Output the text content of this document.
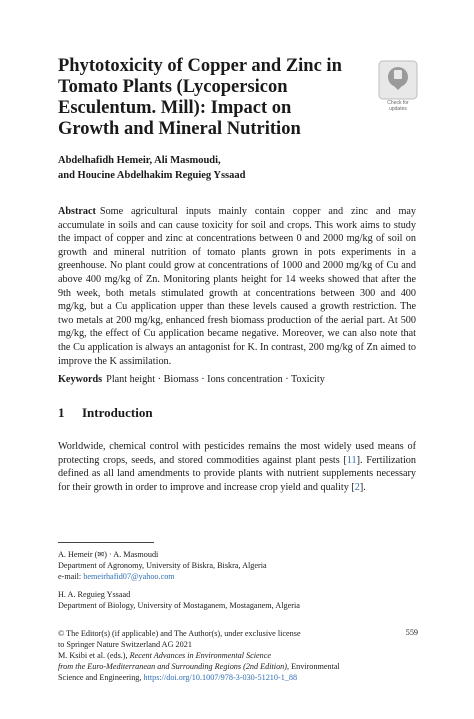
Phytotoxicity of Copper and Zinc in Tomato Plants (Lycopersicon Esculentum. Mill): Impact on Growth and Mineral Nutrition
Check for
updates
Abdelhafidh Hemeir, Ali Masmoudi,
and Houcine Abdelhakim Reguieg Yssaad

Abstract Some agricultural inputs mainly contain copper and zinc and may accumulate in soils and can cause toxicity for soil and crops. This work aims to study the impact of copper and zinc at concentrations between 0 and 2000 mg/kg of soil on growth and mineral nutrition of tomato plants grown in pots experiments in a greenhouse. No plant could grow at concentrations of 1000 and 2000 mg/kg of Cu and above 400 mg/kg of Zn. Monitoring plants height for 14 weeks showed that after the 9th week, both metals stimulated growth at concentrations between 300 and 400 mg/kg, but a Cu application upper than these levels caused a growth restriction. The two metals at 200 mg/kg, enhanced fresh biomass production of the aerial part. At 500 mg/kg, the effect of Cu application became negative. Moreover, we can also note that the Cu application is always an antagonist for K. In contrast, 200 mg/kg of Zn aimed to improve the K assimilation.

Keywords Plant height · Biomass · Ions concentration · Toxicity
1 Introduction

Worldwide, chemical control with pesticides remains the most widely used means of protecting crops, seeds, and stored commodities against plant pests [11]. Fertilization defined as all land amendments to provide plants with nutrient supplements necessary for their growth in order to improve and increase crop yield and quality [2].

A. Hemeir (✉) · A. Masmoudi
Department of Agronomy, University of Biskra, Biskra, Algeria
e-mail: hemeirhafid07@yahoo.com
H. A. Reguieg Yssaad
Department of Biology, University of Mostaganem, Mostaganem, Algeria
© The Editor(s) (if applicable) and The Author(s), under exclusive license
to Springer Nature Switzerland AG 2021
M. Ksibi et al. (eds.), Recent Advances in Environmental Science
from the Euro-Mediterranean and Surrounding Regions (2nd Edition), Environmental
Science and Engineering, https://doi.org/10.1007/978-3-030-51210-1_88
559
